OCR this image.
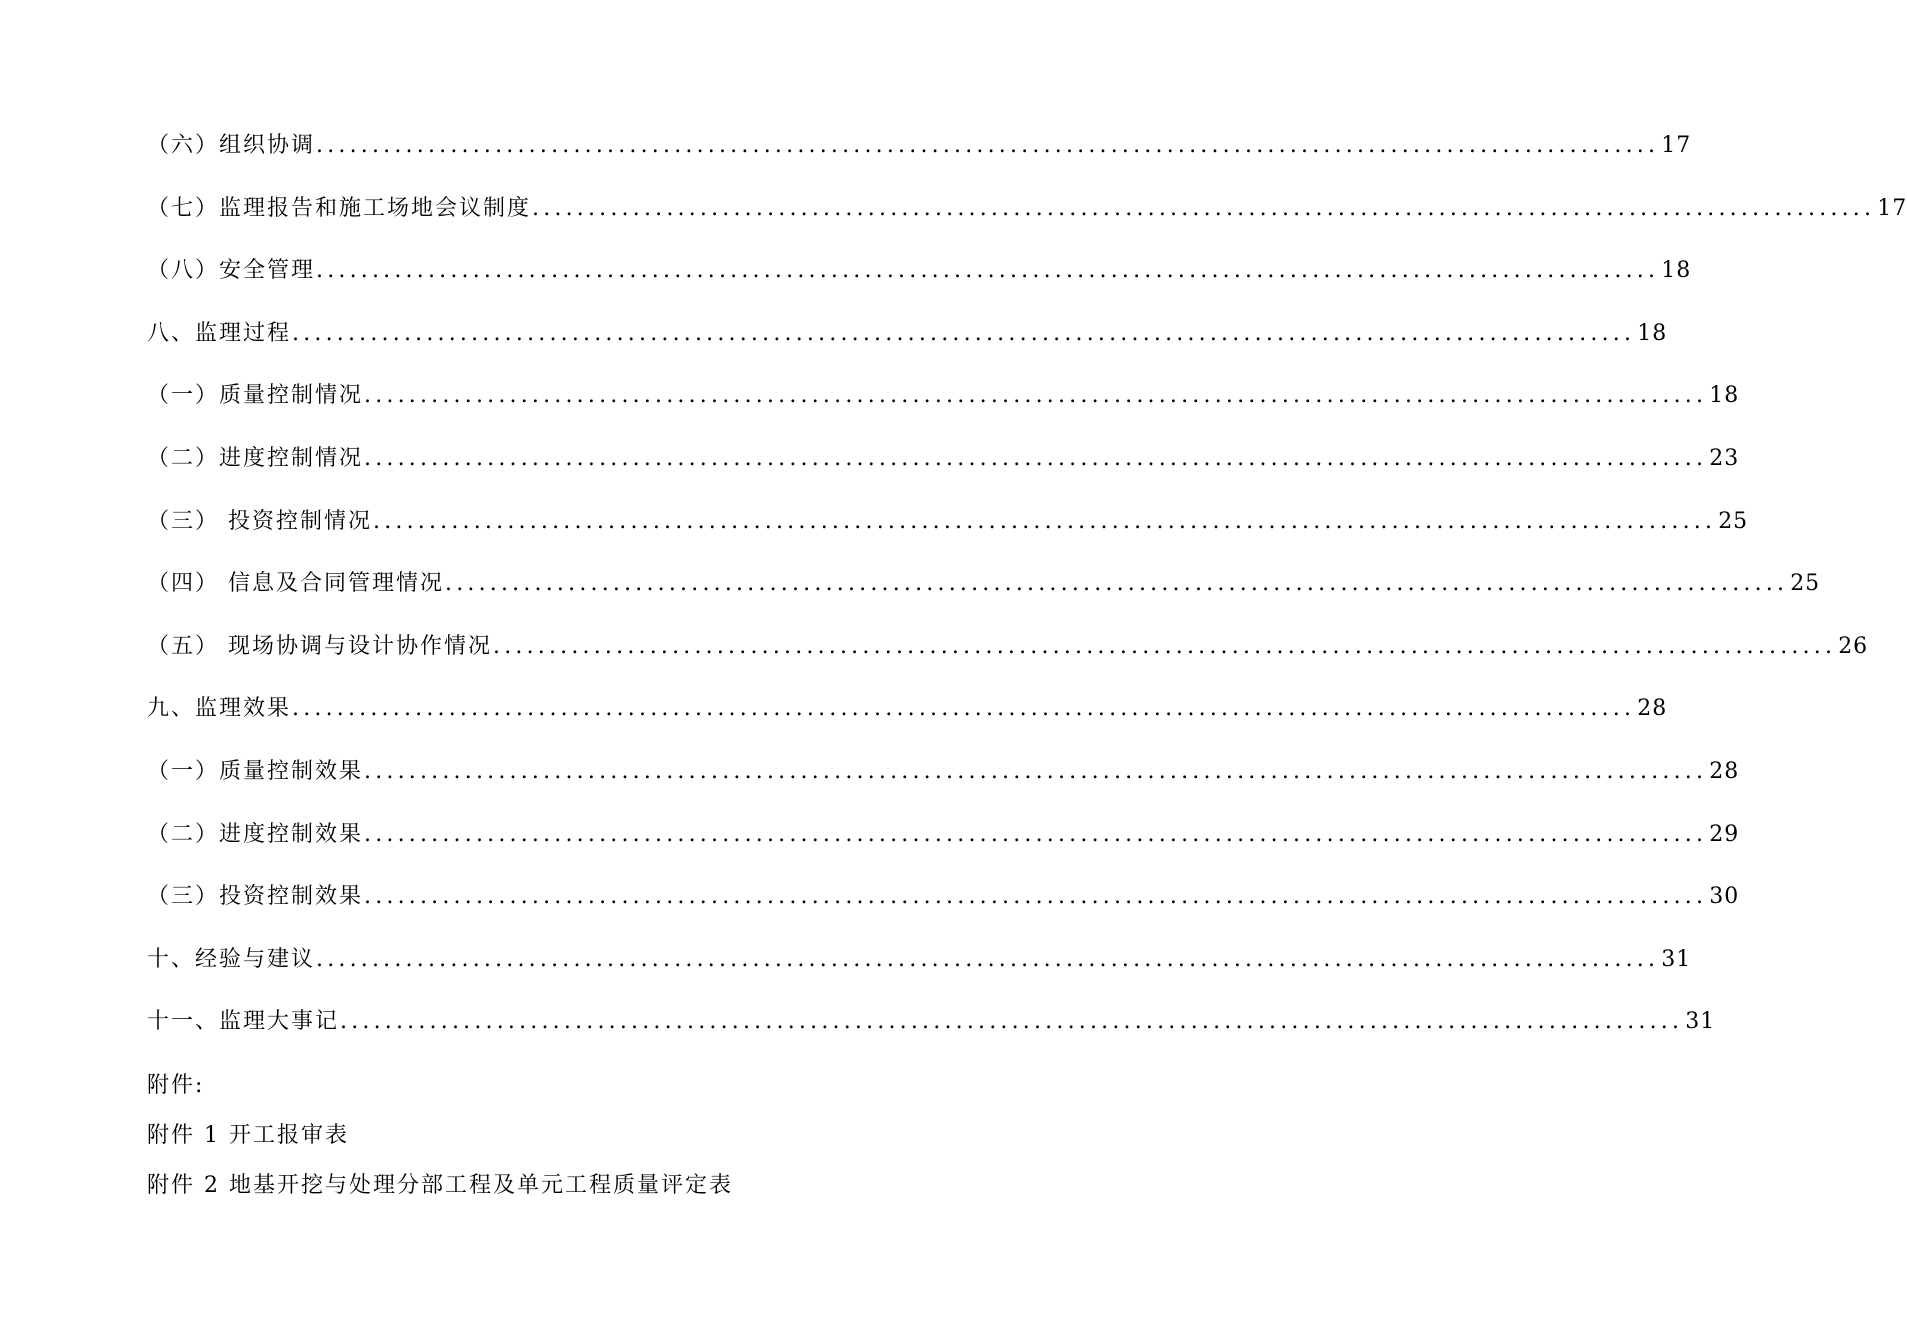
（六）组织协调 ........................................................................................................................ 17
（七）监理报告和施工场地会议制度 ........................................................................................................................ 17
（八）安全管理 ........................................................................................................................ 18
八、监理过程 ........................................................................................................................ 18
（一）质量控制情况 ........................................................................................................................ 18
（二）进度控制情况 ........................................................................................................................ 23
（三） 投资控制情况 ........................................................................................................................ 25
（四） 信息及合同管理情况 ........................................................................................................................ 25
（五） 现场协调与设计协作情况 ........................................................................................................................ 26
九、监理效果 ........................................................................................................................ 28
（一）质量控制效果 ........................................................................................................................ 28
（二）进度控制效果 ........................................................................................................................ 29
（三）投资控制效果 ........................................................................................................................ 30
十、经验与建议 ........................................................................................................................ 31
十一、监理大事记 ........................................................................................................................ 31
附件:
附件 1 开工报审表
附件 2 地基开挖与处理分部工程及单元工程质量评定表
